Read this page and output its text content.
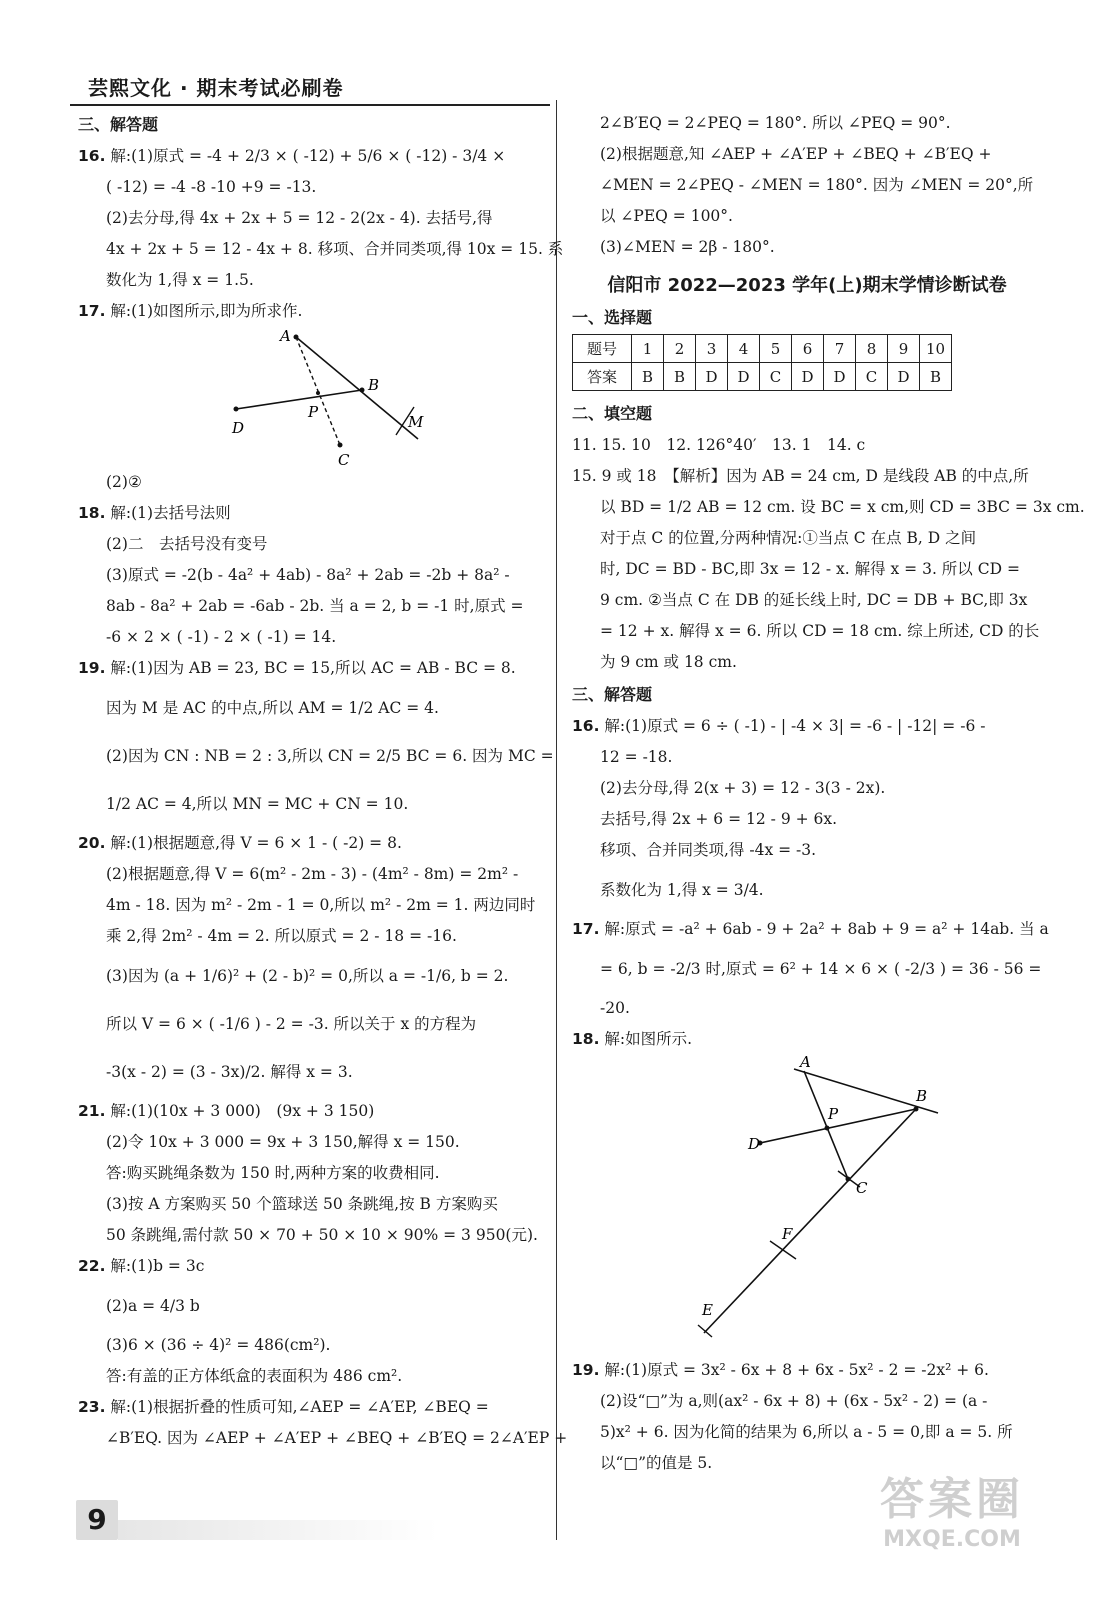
芸熙文化 · 期末考试必刷卷
三、解答题
16. 解:(1)原式 = -4 + 2/3 × ( -12) + 5/6 × ( -12) - 3/4 ×
( -12) = -4 -8 -10 +9 = -13.
(2)去分母,得 4x + 2x + 5 = 12 - 2(2x - 4). 去括号,得
4x + 2x + 5 = 12 - 4x + 8. 移项、合并同类项,得 10x = 15. 系
数化为 1,得 x = 1.5.
17. 解:(1)如图所示,即为所求作.
A
B
M
P
D
C
(2)②
18. 解:(1)去括号法则
(2)二　去括号没有变号
(3)原式 = -2(b - 4a² + 4ab) - 8a² + 2ab = -2b + 8a² -
8ab - 8a² + 2ab = -6ab - 2b. 当 a = 2, b = -1 时,原式 =
-6 × 2 × ( -1) - 2 × ( -1) = 14.
19. 解:(1)因为 AB = 23, BC = 15,所以 AC = AB - BC = 8.
因为 M 是 AC 的中点,所以 AM = 1/2 AC = 4.
(2)因为 CN : NB = 2 : 3,所以 CN = 2/5 BC = 6. 因为 MC =
1/2 AC = 4,所以 MN = MC + CN = 10.
20. 解:(1)根据题意,得 V = 6 × 1 - ( -2) = 8.
(2)根据题意,得 V = 6(m² - 2m - 3) - (4m² - 8m) = 2m² -
4m - 18. 因为 m² - 2m - 1 = 0,所以 m² - 2m = 1. 两边同时
乘 2,得 2m² - 4m = 2. 所以原式 = 2 - 18 = -16.
(3)因为 (a + 1/6)² + (2 - b)² = 0,所以 a = -1/6, b = 2.
所以 V = 6 × ( -1/6 ) - 2 = -3. 所以关于 x 的方程为
-3(x - 2) = (3 - 3x)/2. 解得 x = 3.
21. 解:(1)(10x + 3 000)　(9x + 3 150)
(2)令 10x + 3 000 = 9x + 3 150,解得 x = 150.
答:购买跳绳条数为 150 时,两种方案的收费相同.
(3)按 A 方案购买 50 个篮球送 50 条跳绳,按 B 方案购买
50 条跳绳,需付款 50 × 70 + 50 × 10 × 90% = 3 950(元).
22. 解:(1)b = 3c
(2)a = 4/3 b
(3)6 × (36 ÷ 4)² = 486(cm²).
答:有盖的正方体纸盒的表面积为 486 cm².
23. 解:(1)根据折叠的性质可知,∠AEP = ∠A′EP, ∠BEQ =
∠B′EQ. 因为 ∠AEP + ∠A′EP + ∠BEQ + ∠B′EQ = 2∠A′EP +
2∠B′EQ = 2∠PEQ = 180°. 所以 ∠PEQ = 90°.
(2)根据题意,知 ∠AEP + ∠A′EP + ∠BEQ + ∠B′EQ +
∠MEN = 2∠PEQ - ∠MEN = 180°. 因为 ∠MEN = 20°,所
以 ∠PEQ = 100°.
(3)∠MEN = 2β - 180°.
信阳市 2022—2023 学年(上)期末学情诊断试卷
一、选择题
题号	1	2	3	4	5	6	7	8	9	10
答案	B	B	D	D	C	D	D	C	D	B
二、填空题
11. 15. 10　12. 126°40′　13. 1　14. c
15. 9 或 18　【解析】因为 AB = 24 cm, D 是线段 AB 的中点,所
以 BD = 1/2 AB = 12 cm. 设 BC = x cm,则 CD = 3BC = 3x cm.
对于点 C 的位置,分两种情况:①当点 C 在点 B, D 之间
时, DC = BD - BC,即 3x = 12 - x. 解得 x = 3. 所以 CD =
9 cm. ②当点 C 在 DB 的延长线上时, DC = DB + BC,即 3x
= 12 + x. 解得 x = 6. 所以 CD = 18 cm. 综上所述, CD 的长
为 9 cm 或 18 cm.
三、解答题
16. 解:(1)原式 = 6 ÷ ( -1) - | -4 × 3| = -6 - | -12| = -6 -
12 = -18.
(2)去分母,得 2(x + 3) = 12 - 3(3 - 2x).
去括号,得 2x + 6 = 12 - 9 + 6x.
移项、合并同类项,得 -4x = -3.
系数化为 1,得 x = 3/4.
17. 解:原式 = -a² + 6ab - 9 + 2a² + 8ab + 9 = a² + 14ab. 当 a
= 6, b = -2/3 时,原式 = 6² + 14 × 6 × ( -2/3 ) = 36 - 56 =
-20.
18. 解:如图所示.
A
B
P
D
C
F
E
19. 解:(1)原式 = 3x² - 6x + 8 + 6x - 5x² - 2 = -2x² + 6.
(2)设“□”为 a,则(ax² - 6x + 8) + (6x - 5x² - 2) = (a -
5)x² + 6. 因为化简的结果为 6,所以 a - 5 = 0,即 a = 5. 所
以“□”的值是 5.
9	答案圈
MXQE.COM
